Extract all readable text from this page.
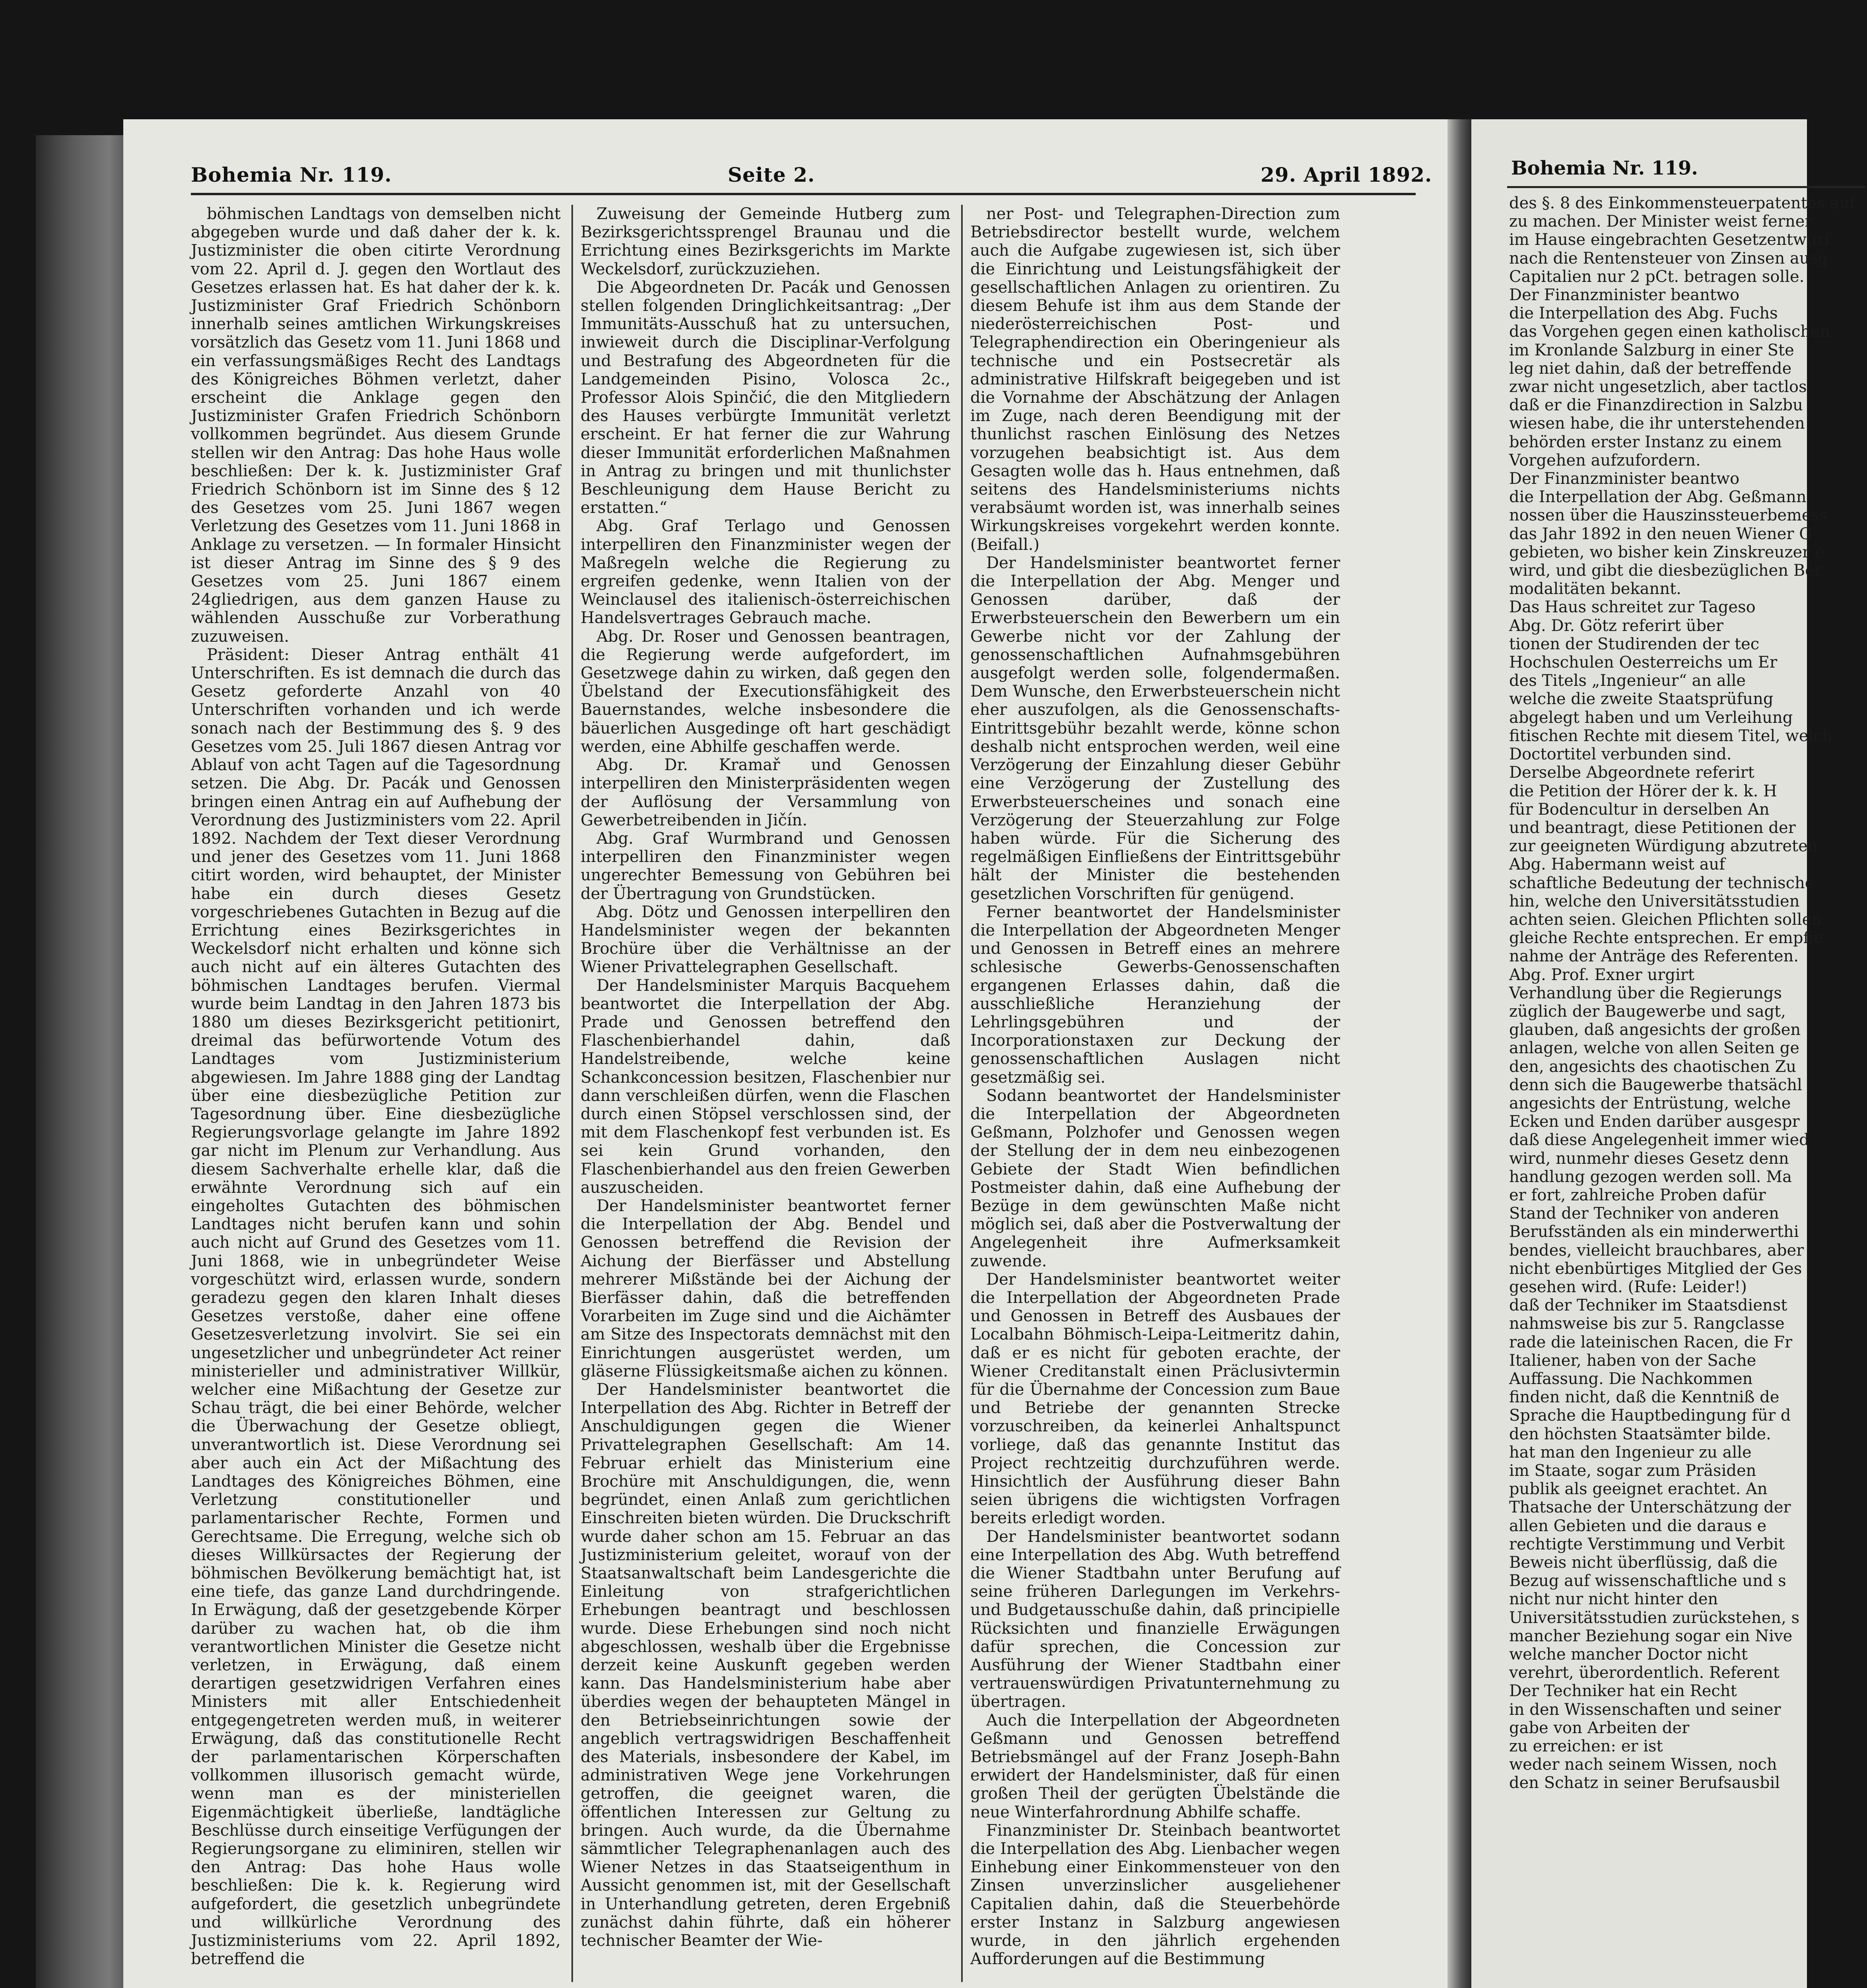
Bohemia Nr. 119.	Seite 2.	29. April 1892.

böhmischen Landtags von demselben nicht abgegeben wurde und daß daher der k. k. Justizminister die oben citirte Verordnung vom 22. April d. J. gegen den Wortlaut des Gesetzes erlassen hat. Es hat daher der k. k. Justizminister Graf Friedrich Schönborn innerhalb seines amtlichen Wirkungskreises vorsätzlich das Gesetz vom 11. Juni 1868 und ein verfassungsmäßiges Recht des Landtags des Königreiches Böhmen verletzt, daher erscheint die Anklage gegen den Justizminister Grafen Friedrich Schönborn vollkommen begründet. Aus diesem Grunde stellen wir den Antrag: Das hohe Haus wolle beschließen: Der k. k. Justizminister Graf Friedrich Schönborn ist im Sinne des § 12 des Gesetzes vom 25. Juni 1867 wegen Verletzung des Gesetzes vom 11. Juni 1868 in Anklage zu versetzen. — In formaler Hinsicht ist dieser Antrag im Sinne des § 9 des Gesetzes vom 25. Juni 1867 einem 24gliedrigen, aus dem ganzen Hause zu wählenden Ausschuße zur Vorberathung zuzuweisen.

Präsident: Dieser Antrag enthält 41 Unterschriften. Es ist demnach die durch das Gesetz geforderte Anzahl von 40 Unterschriften vorhanden und ich werde sonach nach der Bestimmung des §. 9 des Gesetzes vom 25. Juli 1867 diesen Antrag vor Ablauf von acht Tagen auf die Tagesordnung setzen. Die Abg. Dr. Pacák und Genossen bringen einen Antrag ein auf Aufhebung der Verordnung des Justizministers vom 22. April 1892. Nachdem der Text dieser Verordnung und jener des Gesetzes vom 11. Juni 1868 citirt worden, wird behauptet, der Minister habe ein durch dieses Gesetz vorgeschriebenes Gutachten in Bezug auf die Errichtung eines Bezirksgerichtes in Weckelsdorf nicht erhalten und könne sich auch nicht auf ein älteres Gutachten des böhmischen Landtages berufen. Viermal wurde beim Landtag in den Jahren 1873 bis 1880 um dieses Bezirksgericht petitionirt, dreimal das befürwortende Votum des Landtages vom Justizministerium abgewiesen. Im Jahre 1888 ging der Landtag über eine diesbezügliche Petition zur Tagesordnung über. Eine diesbezügliche Regierungsvorlage gelangte im Jahre 1892 gar nicht im Plenum zur Verhandlung. Aus diesem Sachverhalte erhelle klar, daß die erwähnte Verordnung sich auf ein eingeholtes Gutachten des böhmischen Landtages nicht berufen kann und sohin auch nicht auf Grund des Gesetzes vom 11. Juni 1868, wie in unbegründeter Weise vorgeschützt wird, erlassen wurde, sondern geradezu gegen den klaren Inhalt dieses Gesetzes verstoße, daher eine offene Gesetzesverletzung involvirt. Sie sei ein ungesetzlicher und unbegründeter Act reiner ministerieller und administrativer Willkür, welcher eine Mißachtung der Gesetze zur Schau trägt, die bei einer Behörde, welcher die Überwachung der Gesetze obliegt, unverantwortlich ist. Diese Verordnung sei aber auch ein Act der Mißachtung des Landtages des Königreiches Böhmen, eine Verletzung constitutioneller und parlamentarischer Rechte, Formen und Gerechtsame. Die Erregung, welche sich ob dieses Willkürsactes der Regierung der böhmischen Bevölkerung bemächtigt hat, ist eine tiefe, das ganze Land durchdringende. In Erwägung, daß der gesetzgebende Körper darüber zu wachen hat, ob die ihm verantwortlichen Minister die Gesetze nicht verletzen, in Erwägung, daß einem derartigen gesetzwidrigen Verfahren eines Ministers mit aller Entschiedenheit entgegengetreten werden muß, in weiterer Erwägung, daß das constitutionelle Recht der parlamentarischen Körperschaften vollkommen illusorisch gemacht würde, wenn man es der ministeriellen Eigenmächtigkeit überließe, landtägliche Beschlüsse durch einseitige Verfügungen der Regierungsorgane zu eliminiren, stellen wir den Antrag: Das hohe Haus wolle beschließen: Die k. k. Regierung wird aufgefordert, die gesetzlich unbegründete und willkürliche Verordnung des Justizministeriums vom 22. April 1892, betreffend die

Zuweisung der Gemeinde Hutberg zum Bezirksgerichtssprengel Braunau und die Errichtung eines Bezirksgerichts im Markte Weckelsdorf, zurückzuziehen.

Die Abgeordneten Dr. Pacák und Genossen stellen folgenden Dringlichkeitsantrag: „Der Immunitäts-Ausschuß hat zu untersuchen, inwieweit durch die Disciplinar-Verfolgung und Bestrafung des Abgeordneten für die Landgemeinden Pisino, Volosca 2c., Professor Alois Spinčić, die den Mitgliedern des Hauses verbürgte Immunität verletzt erscheint. Er hat ferner die zur Wahrung dieser Immunität erforderlichen Maßnahmen in Antrag zu bringen und mit thunlichster Beschleunigung dem Hause Bericht zu erstatten.“

Abg. Graf Terlago und Genossen interpelliren den Finanzminister wegen der Maßregeln welche die Regierung zu ergreifen gedenke, wenn Italien von der Weinclausel des italienisch-österreichischen Handelsvertrages Gebrauch mache.

Abg. Dr. Roser und Genossen beantragen, die Regierung werde aufgefordert, im Gesetzwege dahin zu wirken, daß gegen den Übelstand der Executionsfähigkeit des Bauernstandes, welche insbesondere die bäuerlichen Ausgedinge oft hart geschädigt werden, eine Abhilfe geschaffen werde.

Abg. Dr. Kramař und Genossen interpelliren den Ministerpräsidenten wegen der Auflösung der Versammlung von Gewerbetreibenden in Jičín.

Abg. Graf Wurmbrand und Genossen interpelliren den Finanzminister wegen ungerechter Bemessung von Gebühren bei der Übertragung von Grundstücken.

Abg. Dötz und Genossen interpelliren den Handelsminister wegen der bekannten Brochüre über die Verhältnisse an der Wiener Privattelegraphen Gesellschaft.

Der Handelsminister Marquis Bacquehem beantwortet die Interpellation der Abg. Prade und Genossen betreffend den Flaschenbierhandel dahin, daß Handelstreibende, welche keine Schankconcession besitzen, Flaschenbier nur dann verschleißen dürfen, wenn die Flaschen durch einen Stöpsel verschlossen sind, der mit dem Flaschenkopf fest verbunden ist. Es sei kein Grund vorhanden, den Flaschenbierhandel aus den freien Gewerben auszuscheiden.

Der Handelsminister beantwortet ferner die Interpellation der Abg. Bendel und Genossen betreffend die Revision der Aichung der Bierfässer und Abstellung mehrerer Mißstände bei der Aichung der Bierfässer dahin, daß die betreffenden Vorarbeiten im Zuge sind und die Aichämter am Sitze des Inspectorats demnächst mit den Einrichtungen ausgerüstet werden, um gläserne Flüssigkeitsmaße aichen zu können.

Der Handelsminister beantwortet die Interpellation des Abg. Richter in Betreff der Anschuldigungen gegen die Wiener Privattelegraphen Gesellschaft: Am 14. Februar erhielt das Ministerium eine Brochüre mit Anschuldigungen, die, wenn begründet, einen Anlaß zum gerichtlichen Einschreiten bieten würden. Die Druckschrift wurde daher schon am 15. Februar an das Justizministerium geleitet, worauf von der Staatsanwaltschaft beim Landesgerichte die Einleitung von strafgerichtlichen Erhebungen beantragt und beschlossen wurde. Diese Erhebungen sind noch nicht abgeschlossen, weshalb über die Ergebnisse derzeit keine Auskunft gegeben werden kann. Das Handelsministerium habe aber überdies wegen der behaupteten Mängel in den Betriebseinrichtungen sowie der angeblich vertragswidrigen Beschaffenheit des Materials, insbesondere der Kabel, im administrativen Wege jene Vorkehrungen getroffen, die geeignet waren, die öffentlichen Interessen zur Geltung zu bringen. Auch wurde, da die Übernahme sämmtlicher Telegraphenanlagen auch des Wiener Netzes in das Staatseigenthum in Aussicht genommen ist, mit der Gesellschaft in Unterhandlung getreten, deren Ergebniß zunächst dahin führte, daß ein höherer technischer Beamter der Wie-

ner Post- und Telegraphen-Direction zum Betriebsdirector bestellt wurde, welchem auch die Aufgabe zugewiesen ist, sich über die Einrichtung und Leistungsfähigkeit der gesellschaftlichen Anlagen zu orientiren. Zu diesem Behufe ist ihm aus dem Stande der niederösterreichischen Post- und Telegraphendirection ein Oberingenieur als technische und ein Postsecretär als administrative Hilfskraft beigegeben und ist die Vornahme der Abschätzung der Anlagen im Zuge, nach deren Beendigung mit der thunlichst raschen Einlösung des Netzes vorzugehen beabsichtigt ist. Aus dem Gesagten wolle das h. Haus entnehmen, daß seitens des Handelsministeriums nichts verabsäumt worden ist, was innerhalb seines Wirkungskreises vorgekehrt werden konnte. (Beifall.)

Der Handelsminister beantwortet ferner die Interpellation der Abg. Menger und Genossen darüber, daß der Erwerbsteuerschein den Bewerbern um ein Gewerbe nicht vor der Zahlung der genossenschaftlichen Aufnahmsgebühren ausgefolgt werden solle, folgendermaßen. Dem Wunsche, den Erwerbsteuerschein nicht eher auszufolgen, als die Genossenschafts-Eintrittsgebühr bezahlt werde, könne schon deshalb nicht entsprochen werden, weil eine Verzögerung der Einzahlung dieser Gebühr eine Verzögerung der Zustellung des Erwerbsteuerscheines und sonach eine Verzögerung der Steuerzahlung zur Folge haben würde. Für die Sicherung des regelmäßigen Einfließens der Eintrittsgebühr hält der Minister die bestehenden gesetzlichen Vorschriften für genügend.

Ferner beantwortet der Handelsminister die Interpellation der Abgeordneten Menger und Genossen in Betreff eines an mehrere schlesische Gewerbs-Genossenschaften ergangenen Erlasses dahin, daß die ausschließliche Heranziehung der Lehrlingsgebühren und der Incorporationstaxen zur Deckung der genossenschaftlichen Auslagen nicht gesetzmäßig sei.

Sodann beantwortet der Handelsminister die Interpellation der Abgeordneten Geßmann, Polzhofer und Genossen wegen der Stellung der in dem neu einbezogenen Gebiete der Stadt Wien befindlichen Postmeister dahin, daß eine Aufhebung der Bezüge in dem gewünschten Maße nicht möglich sei, daß aber die Postverwaltung der Angelegenheit ihre Aufmerksamkeit zuwende.

Der Handelsminister beantwortet weiter die Interpellation der Abgeordneten Prade und Genossen in Betreff des Ausbaues der Localbahn Böhmisch-Leipa-Leitmeritz dahin, daß er es nicht für geboten erachte, der Wiener Creditanstalt einen Präclusivtermin für die Übernahme der Concession zum Baue und Betriebe der genannten Strecke vorzuschreiben, da keinerlei Anhaltspunct vorliege, daß das genannte Institut das Project rechtzeitig durchzuführen werde. Hinsichtlich der Ausführung dieser Bahn seien übrigens die wichtigsten Vorfragen bereits erledigt worden.

Der Handelsminister beantwortet sodann eine Interpellation des Abg. Wuth betreffend die Wiener Stadtbahn unter Berufung auf seine früheren Darlegungen im Verkehrs- und Budgetausschuße dahin, daß principielle Rücksichten und finanzielle Erwägungen dafür sprechen, die Concession zur Ausführung der Wiener Stadtbahn einer vertrauenswürdigen Privatunternehmung zu übertragen.

Auch die Interpellation der Abgeordneten Geßmann und Genossen betreffend Betriebsmängel auf der Franz Joseph-Bahn erwidert der Handelsminister, daß für einen großen Theil der gerügten Übelstände die neue Winterfahrordnung Abhilfe schaffe.

Finanzminister Dr. Steinbach beantwortet die Interpellation des Abg. Lienbacher wegen Einhebung einer Einkommensteuer von den Zinsen unverzinslicher ausgeliehener Capitalien dahin, daß die Steuerbehörde erster Instanz in Salzburg angewiesen wurde, in den jährlich ergehenden Aufforderungen auf die Bestimmung

Bohemia Nr. 119.

des §. 8 des Einkommensteuerpatentes auf

zu machen. Der Minister weist ferner

im Hause eingebrachten Gesetzentwurf

nach die Rentensteuer von Zinsen ausg

Capitalien nur 2 pCt. betragen solle.

Der Finanzminister beantwo

die Interpellation des Abg. Fuchs

das Vorgehen gegen einen katholischen

im Kronlande Salzburg in einer Ste

leg niet dahin, daß der betreffende

zwar nicht ungesetzlich, aber tactlos

daß er die Finanzdirection in Salzbu

wiesen habe, die ihr unterstehenden

behörden erster Instanz zu einem

Vorgehen aufzufordern.

Der Finanzminister beantwo

die Interpellation der Abg. Geßmann

nossen über die Hauszinssteuerbemess

das Jahr 1892 in den neuen Wiener G

gebieten, wo bisher kein Zinskreuzer e

wird, und gibt die diesbezüglichen Ber

modalitäten bekannt.

Das Haus schreitet zur Tageso

Abg. Dr. Götz referirt über

tionen der Studirenden der tec

Hochschulen Oesterreichs um Er

des Titels „Ingenieur“ an alle

welche die zweite Staatsprüfung

abgelegt haben und um Verleihung

fitischen Rechte mit diesem Titel, welch

Doctortitel verbunden sind.

Derselbe Abgeordnete referirt

die Petition der Hörer der k. k. H

für Bodencultur in derselben An

und beantragt, diese Petitionen der

zur geeigneten Würdigung abzutreten

Abg. Habermann weist auf

schaftliche Bedeutung der technische

hin, welche den Universitätsstudien

achten seien. Gleichen Pflichten sollen

gleiche Rechte entsprechen. Er empfie

nahme der Anträge des Referenten.

Abg. Prof. Exner urgirt

Verhandlung über die Regierungs

züglich der Baugewerbe und sagt,

glauben, daß angesichts der großen

anlagen, welche von allen Seiten ge

den, angesichts des chaotischen Zu

denn sich die Baugewerbe thatsächl

angesichts der Entrüstung, welche

Ecken und Enden darüber ausgespr

daß diese Angelegenheit immer wied

wird, nunmehr dieses Gesetz denn

handlung gezogen werden soll. Ma

er fort, zahlreiche Proben dafür

Stand der Techniker von anderen

Berufsständen als ein minderwerthi

bendes, vielleicht brauchbares, aber

nicht ebenbürtiges Mitglied der Ges

gesehen wird. (Rufe: Leider!)

daß der Techniker im Staatsdienst

nahmsweise bis zur 5. Rangclasse

rade die lateinischen Racen, die Fr

Italiener, haben von der Sache

Auffassung. Die Nachkommen

finden nicht, daß die Kenntniß de

Sprache die Hauptbedingung für d

den höchsten Staatsämter bilde.

hat man den Ingenieur zu alle

im Staate, sogar zum Präsiden

publik als geeignet erachtet. An

Thatsache der Unterschätzung der

allen Gebieten und die daraus e

rechtigte Verstimmung und Verbit

Beweis nicht überflüssig, daß die

Bezug auf wissenschaftliche und s

nicht nur nicht hinter den

Universitätsstudien zurückstehen, s

mancher Beziehung sogar ein Nive

welche mancher Doctor nicht

verehrt, überordentlich. Referent

Der Techniker hat ein Recht

in den Wissenschaften und seiner

gabe von Arbeiten der

zu erreichen: er ist

weder nach seinem Wissen, noch

den Schatz in seiner Berufsausbil
